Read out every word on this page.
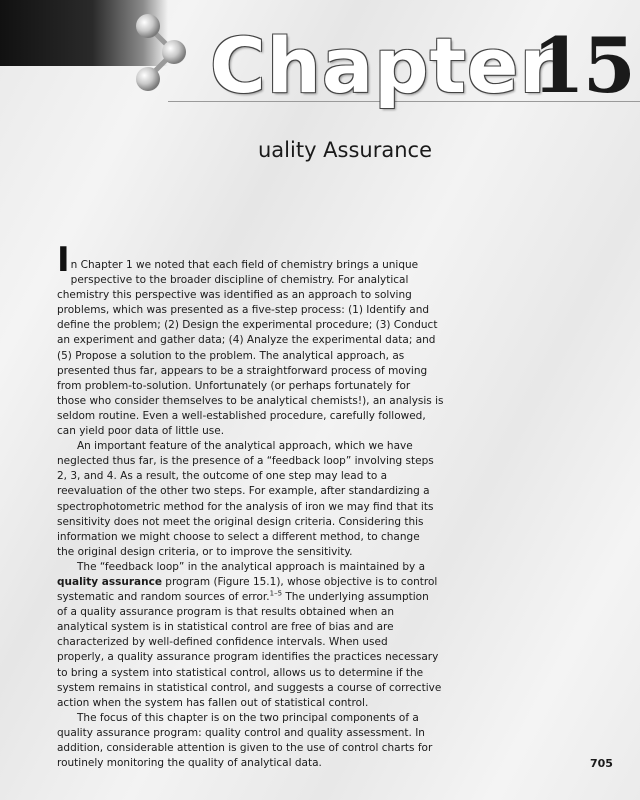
Chapter
15
uality Assurance
I n Chapter 1 we noted that each field of chemistry brings a unique

perspective to the broader discipline of chemistry. For analytical

chemistry this perspective was identified as an approach to solving

problems, which was presented as a five-step process: (1) Identify and

define the problem; (2) Design the experimental procedure; (3) Conduct

an experiment and gather data; (4) Analyze the experimental data; and

(5) Propose a solution to the problem. The analytical approach, as

presented thus far, appears to be a straightforward process of moving

from problem-to-solution. Unfortunately (or perhaps fortunately for

those who consider themselves to be analytical chemists!), an analysis is

seldom routine. Even a well-established procedure, carefully followed,

can yield poor data of little use.

An important feature of the analytical approach, which we have

neglected thus far, is the presence of a “feedback loop” involving steps

2, 3, and 4. As a result, the outcome of one step may lead to a

reevaluation of the other two steps. For example, after standardizing a

spectrophotometric method for the analysis of iron we may find that its

sensitivity does not meet the original design criteria. Considering this

information we might choose to select a different method, to change

the original design criteria, or to improve the sensitivity.

The “feedback loop” in the analytical approach is maintained by a

quality assurance program (Figure 15.1), whose objective is to control

systematic and random sources of error.$^{1-5}$ The underlying assumption

of a quality assurance program is that results obtained when an

analytical system is in statistical control are free of bias and are

characterized by well-defined confidence intervals. When used

properly, a quality assurance program identifies the practices necessary

to bring a system into statistical control, allows us to determine if the

system remains in statistical control, and suggests a course of corrective

action when the system has fallen out of statistical control.

The focus of this chapter is on the two principal components of a

quality assurance program: quality control and quality assessment. In

addition, considerable attention is given to the use of control charts for

routinely monitoring the quality of analytical data.	705
